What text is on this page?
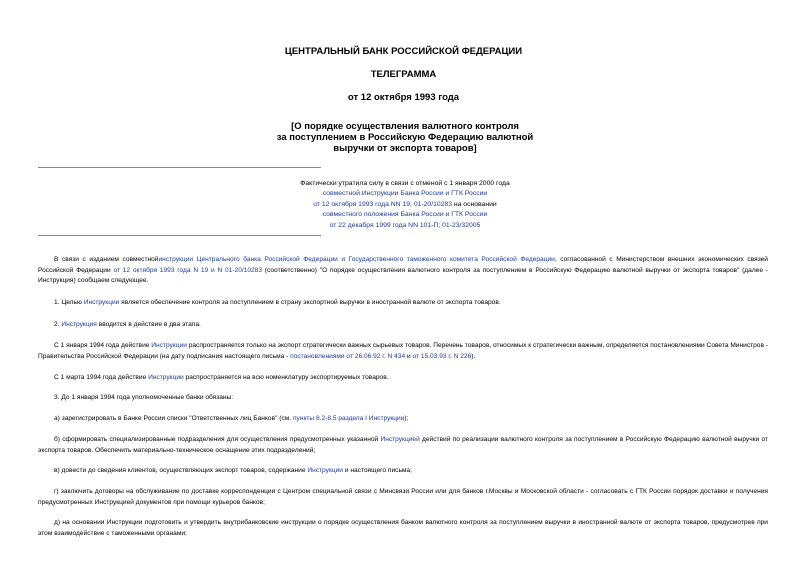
ЦЕНТРАЛЬНЫЙ БАНК РОССИЙСКОЙ ФЕДЕРАЦИИ
ТЕЛЕГРАММА
от 12 октября 1993 года
[О порядке осуществления валютного контроля
за поступлением в Российскую Федерацию валютной
выручки от экспорта товаров]
Фактически утратила силу в связи с отменой с 1 января 2000 года
совместной Инструкции Банка России и ГТК России
от 12 октября 1993 года NN 19; 01-20/10283 на основании
совместного положения Банка России и ГТК России
от 22 декабря 1999 года NN 101-П; 01-23/32005
В связи с изданием совместнойинструкции Центрального банка Российской Федерации и Государственного таможенного комитета Российской Федерации, согласованной с Министерством внешних экономических связей Российской Федерации от 12 октября 1993 года N 19 и N 01-20/10283 (соответственно) "О порядке осуществления валютного контроля за поступлением в Российскую Федерацию валютной выручки от экспорта товаров" (далее - Инструкция) сообщаем следующее.
1. Целью Инструкции является обеспечение контроля за поступлением в страну экспортной выручки в иностранной валюте от экспорта товаров.
2. Инструкция вводится в действие в два этапа.
С 1 января 1994 года действие Инструкции распространяется только на экспорт стратегически важных сырьевых товаров. Перечень товаров, относимых к стратегически важным, определяется постановлениями Совета Министров - Правительства Российской Федерации (на дату подписания настоящего письма - постановлениями от 26.06.92 г. N 434 и от 15.03.93 г. N 226).
С 1 марта 1994 года действие Инструкции распространяется на всю номенклатуру экспортируемых товаров.
3. До 1 января 1994 года уполномоченные банки обязаны:
а) зарегистрировать в Банке России списки "Ответственных лиц Банков" (см. пункты 8.2-8.5 раздела I Инструкции);
б) сформировать специализированные подразделения для осуществления предусмотренных указанной Инструкцией действий по реализации валютного контроля за поступлением в Российскую Федерацию валютной выручки от экспорта товаров. Обеспечить материально-техническое оснащение этих подразделений;
в) довести до сведения клиентов, осуществляющих экспорт товаров, содержание Инструкции и настоящего письма;
г) заключить договоры на обслуживание по доставке корреспонденции с Центром специальной связи с Минсвязи России или для банков г.Москвы и Московской области - согласовать с ГТК России порядок доставки и получения предусмотренных Инструкцией документов при помощи курьеров банков;
д) на основании Инструкции подготовить и утвердить внутрибанковские инструкции о порядке осуществления банком валютного контроля за поступлением выручки в иностранной валюте от экспорта товаров, предусмотрев при этом взаимодействие с таможенными органами;
